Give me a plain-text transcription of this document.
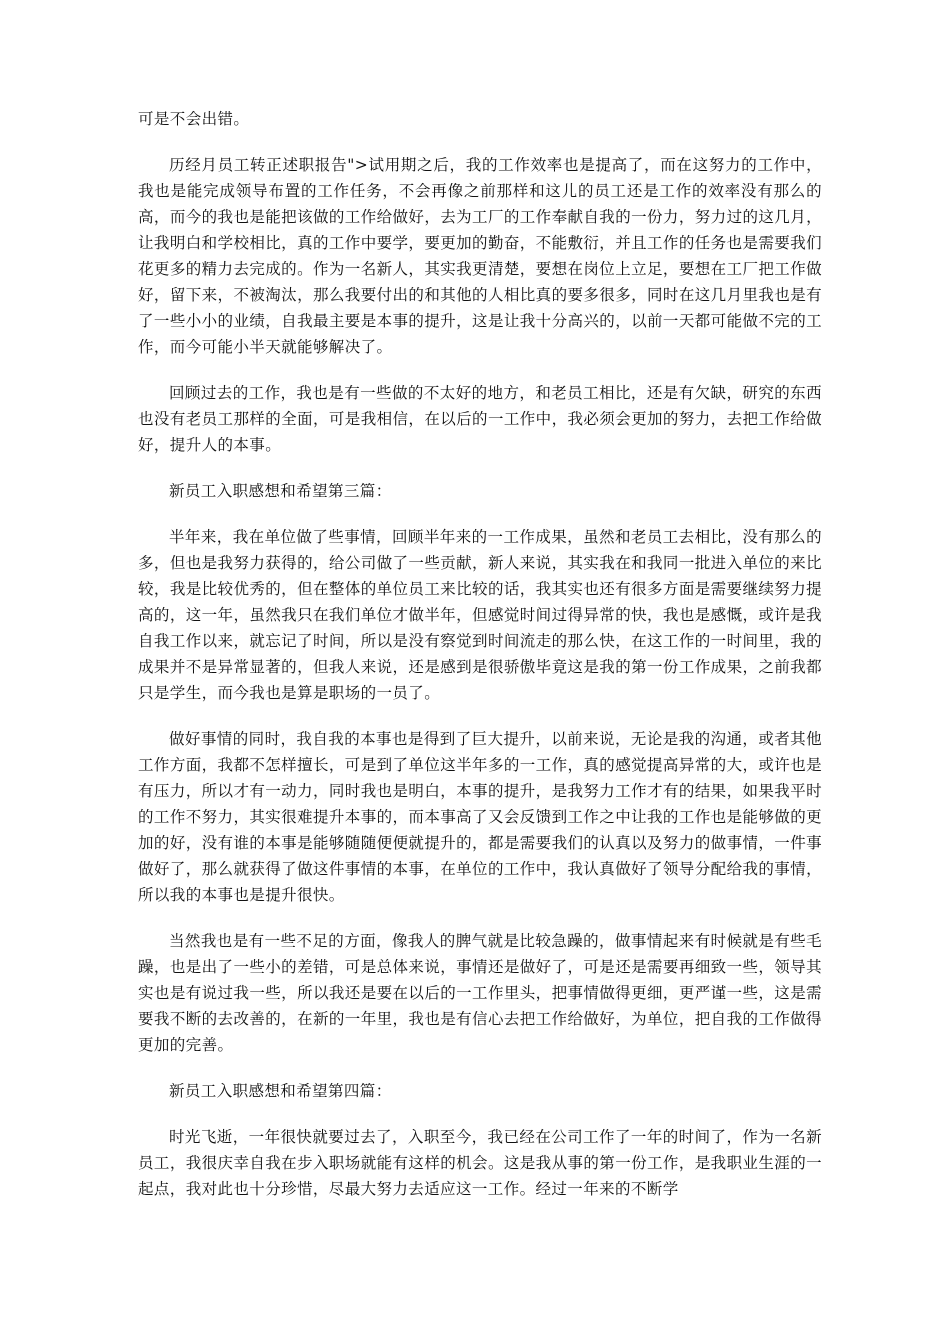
可是不会出错。

历经月员工转正述职报告">试用期之后，我的工作效率也是提高了，而在这努力的工作中，我也是能完成领导布置的工作任务，不会再像之前那样和这儿的员工还是工作的效率没有那么的高，而今的我也是能把该做的工作给做好，去为工厂的工作奉献自我的一份力，努力过的这几月，让我明白和学校相比，真的工作中要学，要更加的勤奋，不能敷衍，并且工作的任务也是需要我们花更多的精力去完成的。作为一名新人，其实我更清楚，要想在岗位上立足，要想在工厂把工作做好，留下来，不被淘汰，那么我要付出的和其他的人相比真的要多很多，同时在这几月里我也是有了一些小小的业绩，自我最主要是本事的提升，这是让我十分高兴的，以前一天都可能做不完的工作，而今可能小半天就能够解决了。

回顾过去的工作，我也是有一些做的不太好的地方，和老员工相比，还是有欠缺，研究的东西也没有老员工那样的全面，可是我相信，在以后的一工作中，我必须会更加的努力，去把工作给做好，提升人的本事。

新员工入职感想和希望第三篇：

半年来，我在单位做了些事情，回顾半年来的一工作成果，虽然和老员工去相比，没有那么的多，但也是我努力获得的，给公司做了一些贡献，新人来说，其实我在和我同一批进入单位的来比较，我是比较优秀的，但在整体的单位员工来比较的话，我其实也还有很多方面是需要继续努力提高的，这一年，虽然我只在我们单位才做半年，但感觉时间过得异常的快，我也是感慨，或许是我自我工作以来，就忘记了时间，所以是没有察觉到时间流走的那么快，在这工作的一时间里，我的成果并不是异常显著的，但我人来说，还是感到是很骄傲毕竟这是我的第一份工作成果，之前我都只是学生，而今我也是算是职场的一员了。

做好事情的同时，我自我的本事也是得到了巨大提升，以前来说，无论是我的沟通，或者其他工作方面，我都不怎样擅长，可是到了单位这半年多的一工作，真的感觉提高异常的大，或许也是有压力，所以才有一动力，同时我也是明白，本事的提升，是我努力工作才有的结果，如果我平时的工作不努力，其实很难提升本事的，而本事高了又会反馈到工作之中让我的工作也是能够做的更加的好，没有谁的本事是能够随随便便就提升的，都是需要我们的认真以及努力的做事情，一件事做好了，那么就获得了做这件事情的本事，在单位的工作中，我认真做好了领导分配给我的事情，所以我的本事也是提升很快。

当然我也是有一些不足的方面，像我人的脾气就是比较急躁的，做事情起来有时候就是有些毛躁，也是出了一些小的差错，可是总体来说，事情还是做好了，可是还是需要再细致一些，领导其实也是有说过我一些，所以我还是要在以后的一工作里头，把事情做得更细，更严谨一些，这是需要我不断的去改善的，在新的一年里，我也是有信心去把工作给做好，为单位，把自我的工作做得更加的完善。

新员工入职感想和希望第四篇：

时光飞逝，一年很快就要过去了，入职至今，我已经在公司工作了一年的时间了，作为一名新员工，我很庆幸自我在步入职场就能有这样的机会。这是我从事的第一份工作，是我职业生涯的一起点，我对此也十分珍惜，尽最大努力去适应这一工作。经过一年来的不断学
